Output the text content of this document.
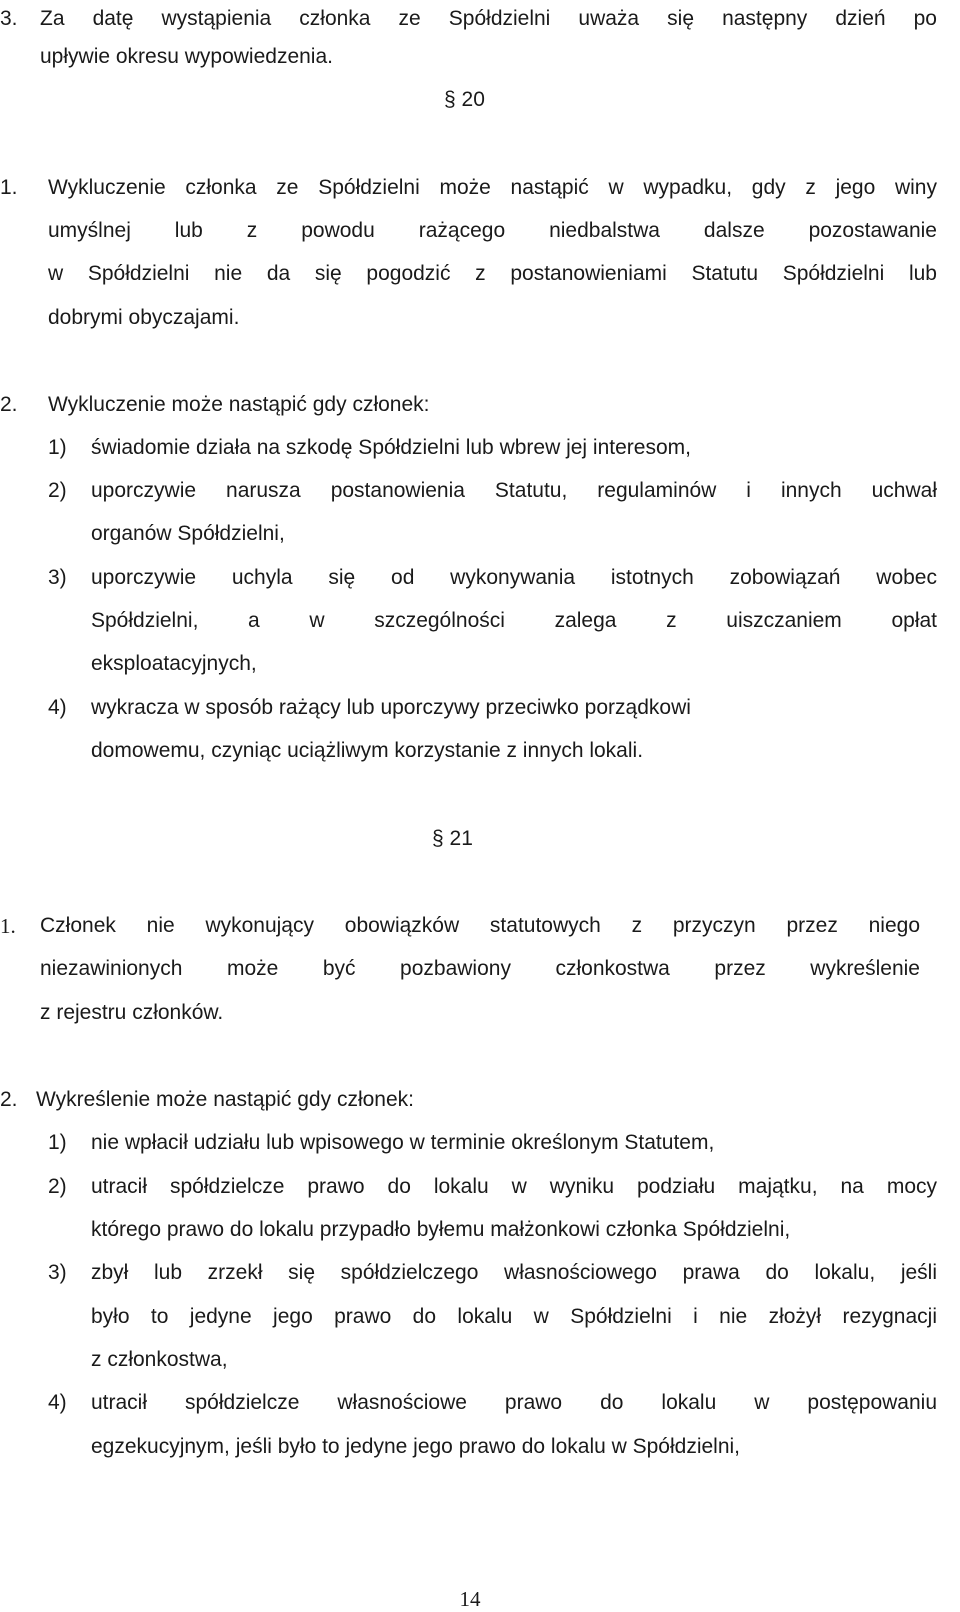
3. Za datę wystąpienia członka ze Spółdzielni uważa się następny dzień po
upływie okresu wypowiedzenia.
§ 20
1. Wykluczenie członka ze Spółdzielni może nastąpić w wypadku, gdy z jego winy
umyślnej lub z powodu rażącego niedbalstwa dalsze pozostawanie
w Spółdzielni nie da się pogodzić z postanowieniami Statutu Spółdzielni lub
dobrymi obyczajami.
2. Wykluczenie może nastąpić gdy członek:
1) świadomie działa na szkodę Spółdzielni lub wbrew jej interesom,
2) uporczywie narusza postanowienia Statutu, regulaminów i innych uchwał
organów Spółdzielni,
3) uporczywie uchyla się od wykonywania istotnych zobowiązań wobec
Spółdzielni, a w szczególności zalega z uiszczaniem opłat
eksploatacyjnych,
4) wykracza w sposób rażący lub uporczywy przeciwko porządkowi
domowemu, czyniąc uciążliwym korzystanie z innych lokali.
§ 21
1. Członek nie wykonujący obowiązków statutowych z przyczyn przez niego
niezawinionych może być pozbawiony członkostwa przez wykreślenie
z rejestru członków.
2. Wykreślenie może nastąpić gdy członek:
1) nie wpłacił udziału lub wpisowego w terminie określonym Statutem,
2) utracił spółdzielcze prawo do lokalu w wyniku podziału majątku, na mocy
którego prawo do lokalu przypadło byłemu małżonkowi członka Spółdzielni,
3) zbył lub zrzekł się spółdzielczego własnościowego prawa do lokalu, jeśli
było to jedyne jego prawo do lokalu w Spółdzielni i nie złożył rezygnacji
z członkostwa,
4) utracił spółdzielcze własnościowe prawo do lokalu w postępowaniu
egzekucyjnym, jeśli było to jedyne jego prawo do lokalu w Spółdzielni,
14
